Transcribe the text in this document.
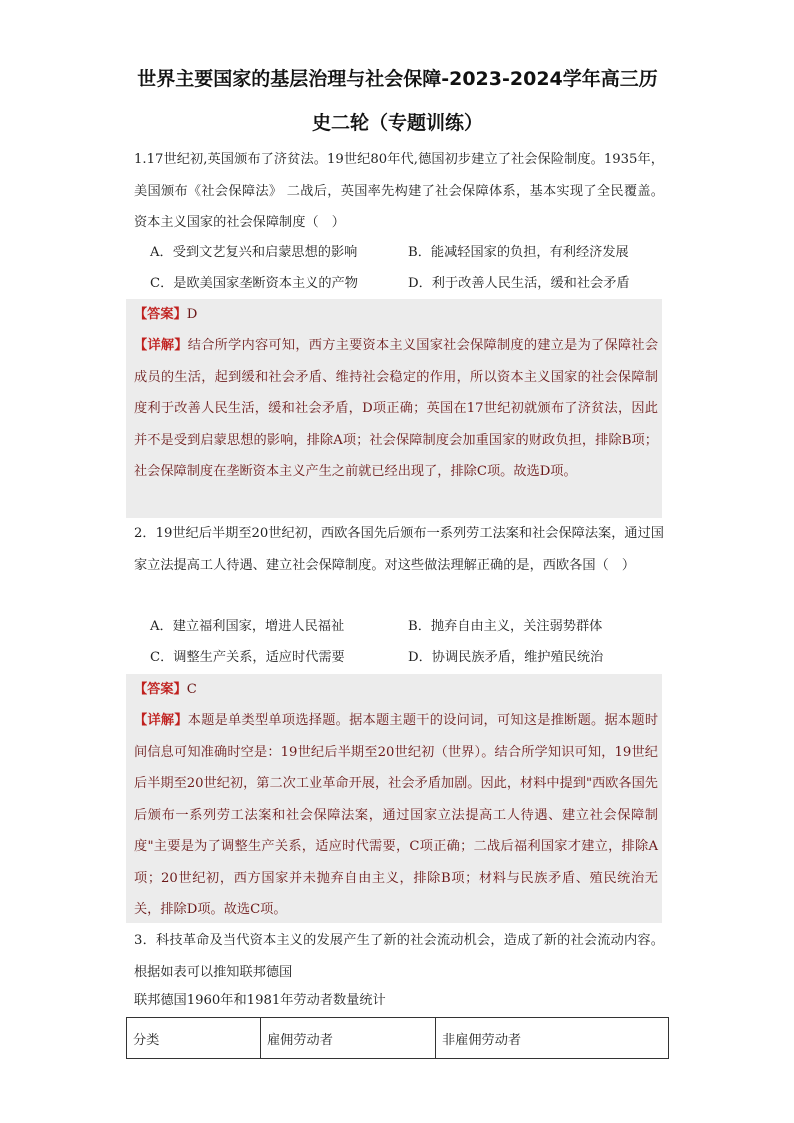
世界主要国家的基层治理与社会保障-2023-2024学年高三历
史二轮（专题训练）
1.17世纪初,英国颁布了济贫法。19世纪80年代,德国初步建立了社会保险制度。1935年，美国颁布《社会保障法》 二战后，英国率先构建了社会保障体系，基本实现了全民覆盖。资本主义国家的社会保障制度（　）
A．受到文艺复兴和启蒙思想的影响	B．能减轻国家的负担，有利经济发展
C．是欧美国家垄断资本主义的产物	D．利于改善人民生活，缓和社会矛盾
【答案】D
【详解】结合所学内容可知，西方主要资本主义国家社会保障制度的建立是为了保障社会成员的生活，起到缓和社会矛盾、维持社会稳定的作用，所以资本主义国家的社会保障制度利于改善人民生活，缓和社会矛盾，D项正确；英国在17世纪初就颁布了济贫法，因此并不是受到启蒙思想的影响，排除A项；社会保障制度会加重国家的财政负担，排除B项；社会保障制度在垄断资本主义产生之前就已经出现了，排除C项。故选D项。
2．19世纪后半期至20世纪初，西欧各国先后颁布一系列劳工法案和社会保障法案，通过国家立法提高工人待遇、建立社会保障制度。对这些做法理解正确的是，西欧各国（　）
A．建立福利国家，增进人民福祉	B．抛弃自由主义，关注弱势群体
C．调整生产关系，适应时代需要	D．协调民族矛盾，维护殖民统治
【答案】C
【详解】本题是单类型单项选择题。据本题主题干的设问词，可知这是推断题。据本题时间信息可知准确时空是：19世纪后半期至20世纪初（世界）。结合所学知识可知，19世纪后半期至20世纪初，第二次工业革命开展，社会矛盾加剧。因此，材料中提到"西欧各国先后颁布一系列劳工法案和社会保障法案，通过国家立法提高工人待遇、建立社会保障制度"主要是为了调整生产关系，适应时代需要，C项正确；二战后福利国家才建立，排除A项；20世纪初，西方国家并未抛弃自由主义，排除B项；材料与民族矛盾、殖民统治无关，排除D项。故选C项。
3．科技革命及当代资本主义的发展产生了新的社会流动机会，造成了新的社会流动内容。根据如表可以推知联邦德国
联邦德国1960年和1981年劳动者数量统计
分类	雇佣劳动者	非雇佣劳动者
